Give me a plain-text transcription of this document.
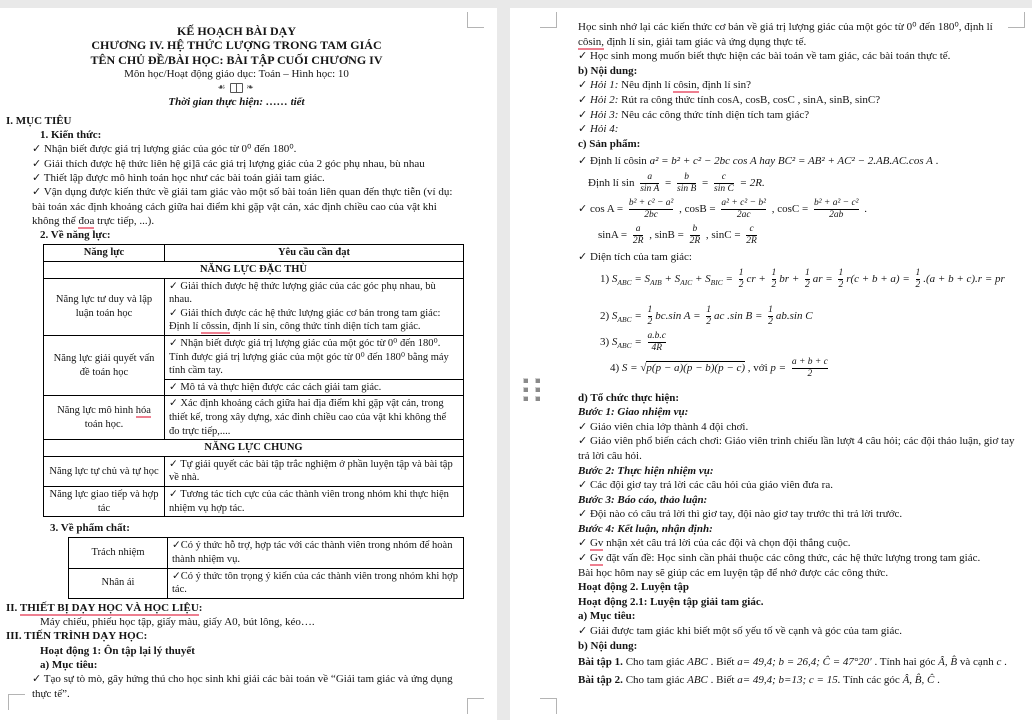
KẾ HOẠCH BÀI DẠY

CHƯƠNG IV. HỆ THỨC LƯỢNG TRONG TAM GIÁC

TÊN CHỦ ĐỀ/BÀI HỌC: BÀI TẬP CUỐI CHƯƠNG IV

Môn học/Hoạt động giáo dục: Toán – Hình học: 10

☙ ❧

Thời gian thực hiện: …… tiết

I. MỤC TIÊU

1. Kiến thức:

✓ Nhận biết được giá trị lượng giác của góc từ 0⁰ đến 180⁰.

✓ Giải thích được hệ thức liên hệ gi]ã các giá trị lượng giác của 2 góc phụ nhau, bù nhau

✓ Thiết lập được mô hình toán học như các bài toán giải tam giác.

✓ Vận dụng được kiến thức về giải tam giác vào một số bài toán liên quan đến thực tiễn (ví dụ: bài toán xác định khoảng cách giữa hai điểm khi gặp vật cản, xác định chiều cao của vật khi không thể đoa trực tiếp, ...).

2. Về năng lực:

Năng lực	Yêu cầu cần đạt
NĂNG LỰC ĐẶC THÙ	
Năng lực tư duy và lập luận toán học	✓ Giải thích được hệ thức lượng giác của các góc phụ nhau, bù nhau.
✓ Giải thích được các hệ thức lượng giác cơ bản trong tam giác: Định lí côssin, định lí sin, công thức tính diện tích tam giác.
Năng lực giải quyết vấn đề toán học	✓ Nhận biết được giá trị lượng giác của một góc từ 0⁰ đến 180⁰. Tính được giá trị lượng giác của một góc từ 0⁰ đến 180⁰ bằng máy tính cầm tay.
	✓ Mô tả và thực hiện được các cách giải tam giác.
Năng lực mô hình hóa toán học.	✓ Xác định khoảng cách giữa hai địa điểm khi gặp vật cản, trong thiết kế, trong xây dựng, xác đinh chiều cao của vật khi không thể đo trực tiếp,....
NĂNG LỰC CHUNG	
Năng lực tự chủ và tự học	✓ Tự giải quyết các bài tập trắc nghiệm ở phần luyện tập và bài tập về nhà.
Năng lực giao tiếp và hợp tác	✓ Tương tác tích cực của các thành viên trong nhóm khi thực hiện nhiệm vụ hợp tác.

3. Về phẩm chất:

Trách nhiệm	✓Có ý thức hỗ trợ, hợp tác với các thành viên trong nhóm để hoàn thành nhiệm vụ.
Nhân ái	✓Có ý thức tôn trọng ý kiến của các thành viên trong nhóm khi hợp tác.

II. THIẾT BỊ DẠY HỌC VÀ HỌC LIỆU:

Máy chiếu, phiếu học tập, giấy màu, giấy A0, bút lông, kéo….

III. TIẾN TRÌNH DẠY HỌC:

Hoạt động 1: Ôn tập lại lý thuyết

a) Mục tiêu:

✓ Tạo sự tò mò, gây hứng thú cho học sinh khi giải các bài toán về “Giải tam giác và ứng dụng thực tế”.

Học sinh nhớ lại các kiến thức cơ bản về giá trị lượng giác của một góc từ 0⁰ đến 180⁰, định lí côsin, định lí sin, giải tam giác và ứng dụng thực tế.

✓ Học sinh mong muốn biết thực hiện các bài toán về tam giác, các bài toán thực tế.

b) Nội dung:

✓ Hỏi 1: Nêu định lí côsin, định lí sin?

✓ Hỏi 2: Rút ra công thức tính cosA, cosB, cosC , sinA, sinB, sinC?

✓ Hỏi 3: Nêu các công thức tính diện tích tam giác?

✓ Hỏi 4:

c) Sản phẩm:

✓ Định lí côsin a² = b² + c² − 2bc cos A hay BC² = AB² + AC² − 2.AB.AC.cos A .

Định lí $\sin \frac{a}{\text{sin A}} = \frac{b}{\text{sin B}} = \frac{c}{\text{sin C}} = 2R$.

✓ $\cos A = \frac{\text{b² + c² − a²}}{2bc}$ , $\cos B = \frac{\text{a² + c² − b²}}{2ac}$ , $\cos C = \frac{\text{b² + a² − c²}}{2ab}$ .

$\sin A = \frac{a}{2R}$ , $\sin B = \frac{b}{2R}$ , $\sin C = \frac{c}{2R}$

✓ Diện tích của tam giác:

1) $S_{ABC} = S_{AIB} + S_{AIC} + S_{BIC} = \frac{1}{2}$ cr + $\frac{1}{2}$ br + $\frac{1}{2}$ ar = $\frac{1}{2} r(c + b + a) = \frac{1}{2} .(a + b + c).r$ = pr

2) $S_{ABC} = \frac{1}{2} bc.\sin$ $A = \frac{1}{2}$ ac .sin $B = \frac{1}{2} ab.\sin$ C

3) $S_{ABC} = \frac{a.b.c}{4R}$

4) S = √p(p − a)(p − b)(p − c) , với $p = \frac{a + b + c}{2}$

d) Tổ chức thực hiện:

Bước 1: Giao nhiệm vụ:

✓ Giáo viên chia lớp thành 4 đội chơi.

✓ Giáo viên phổ biến cách chơi: Giáo viên trình chiếu lần lượt 4 câu hỏi; các đội thảo luận, giơ tay trả lời câu hỏi.

Bước 2: Thực hiện nhiệm vụ:

✓ Các đội giơ tay trả lời các câu hỏi của giáo viên đưa ra.

Bước 3: Báo cáo, thảo luận:

✓ Đội nào có câu trả lời thì giơ tay, đội nào giơ tay trước thì trả lời trước.

Bước 4: Kết luận, nhận định:

✓ Gv nhận xét câu trả lời của các đội và chọn đội thắng cuộc.

✓ Gv đặt vấn đề: Học sinh cần phải thuộc các công thức, các hệ thức lượng trong tam giác.

Bài học hôm nay sẽ giúp các em luyện tập để nhớ được các công thức.

Hoạt động 2. Luyện tập

Hoạt động 2.1: Luyện tập giải tam giác.

a) Mục tiêu:

✓ Giải được tam giác khi biết một số yếu tố về cạnh và góc của tam giác.

b) Nội dung:

Bài tập 1. Cho tam giác ABC . Biết a= 49,4; b = 26,4; Ĉ = 47°20′ . Tính hai góc Â, B̂ và cạnh c . Bài tập 2. Cho tam giác ABC . Biết a= 49,4; b=13; c = 15. Tính các góc Â, B̂, Ĉ .
